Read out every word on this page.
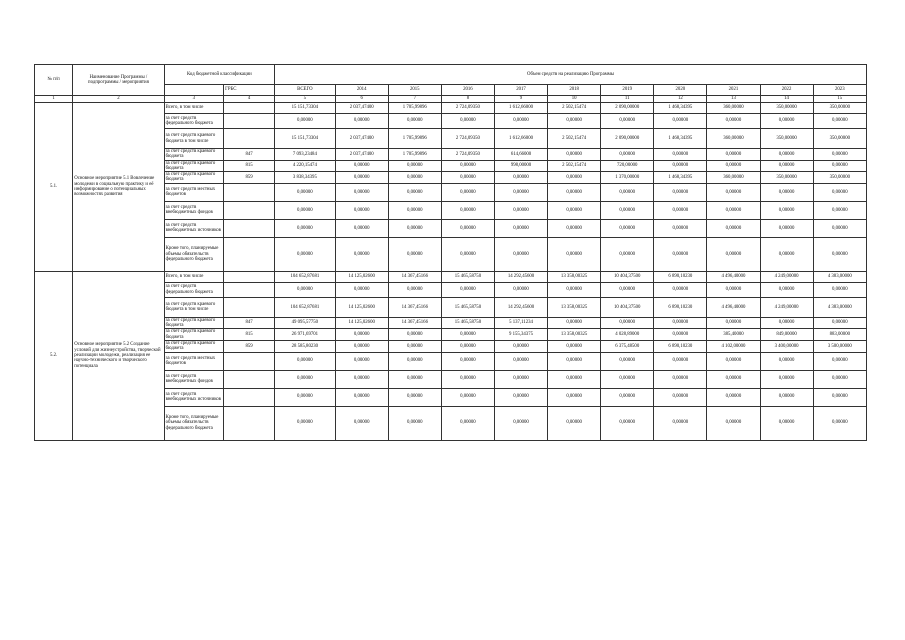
№ п/п	Наименование Программы / подпрограммы / мероприятия	Код бюджетной классификации		Объем средств на реализацию Программы										
			ГРБС	ВСЕГО	2014	2015	2016	2017	2018	2019	2020	2021	2022	2023
1	2	3	4	5	6	7	8	9	10	11	12	13	14	15
5.1.	Основное мероприятие 5.1 Вовлечение молодежи в социальную практику и её информирование о потенциальных возможностях развития	Всего, в том числе		15 151,73304	2 037,47400	1 705,99896	2 724,09350	1 612,66000	2 502,15474	2 090,00000	1 468,34395	360,00000	350,00000	350,00000
		за счет средств федерального бюджета		0,00000	0,00000	0,00000	0,00000	0,00000	0,00000	0,00000	0,00000	0,00000	0,00000	0,00000
		за счет средств краевого бюджета в том числе		15 151,73304	2 037,47400	1 705,99896	2 724,09350	1 612,66000	2 502,15474	2 090,00000	1 468,34395	360,00000	350,00000	350,00000
		за счет средств краевого бюджета	847	7 093,23484	2 037,47400	1 705,99896	2 724,09350	614,66000	0,00000	0,00000	0,00000	0,00000	0,00000	0,00000
		за счет средств краевого бюджета	815	4 220,15474	0,00000	0,00000	0,00000	998,00000	2 502,15474	720,00000	0,00000	0,00000	0,00000	0,00000
		за счет средств краевого бюджета	859	3 838,34395	0,00000	0,00000	0,00000	0,00000	0,00000	1 370,00000	1 468,34395	360,00000	350,00000	350,00000
		за счет средств местных бюджетов		0,00000	0,00000	0,00000	0,00000	0,00000	0,00000	0,00000	0,00000	0,00000	0,00000	0,00000
		за счет средств внебюджетных фондов		0,00000	0,00000	0,00000	0,00000	0,00000	0,00000	0,00000	0,00000	0,00000	0,00000	0,00000
		за счет средств внебюджетных источников		0,00000	0,00000	0,00000	0,00000	0,00000	0,00000	0,00000	0,00000	0,00000	0,00000	0,00000
		Кроме того, планируемые объемы обязательств федерального бюджета		0,00000	0,00000	0,00000	0,00000	0,00000	0,00000	0,00000	0,00000	0,00000	0,00000	0,00000
5.2.	Основное мероприятие 5.2 Создание условий для жизнеустройства, творческой реализации молодежи, реализация ее научно-технического и творческого потенциала	Всего, в том числе		104 652,87681	14 125,02600	14 367,45166	15 465,58750	14 292,45600	13 358,00325	10 404,37500	6 890,10230	4 496,40000	4 249,00000	4 383,00000
		за счет средств федерального бюджета		0,00000	0,00000	0,00000	0,00000	0,00000	0,00000	0,00000	0,00000	0,00000	0,00000	0,00000
		за счет средств краевого бюджета в том числе		104 652,87681	14 125,02600	14 367,45166	15 465,58750	14 292,45600	13 358,00325	10 404,37500	6 890,10230	4 496,40000	4 249,00000	4 383,00000
		за счет средств краевого бюджета	847	49 095,57750	14 125,02600	14 367,45166	15 465,58750	5 137,11234	0,00000	0,00000	0,00000	0,00000	0,00000	0,00000
		за счет средств краевого бюджета	815	26 971,69701	0,00000	0,00000	0,00000	9 155,34375	13 358,00325	4 028,89000	0,00000	385,40000	849,00000	883,00000
		за счет средств краевого бюджета	859	28 585,80230	0,00000	0,00000	0,00000	0,00000	0,00000	6 375,48500	6 890,10230	4 102,00000	3 400,00000	3 500,00000
		за счет средств местных бюджетов		0,00000	0,00000	0,00000	0,00000	0,00000	0,00000	0,00000	0,00000	0,00000	0,00000	0,00000
		за счет средств внебюджетных фондов		0,00000	0,00000	0,00000	0,00000	0,00000	0,00000	0,00000	0,00000	0,00000	0,00000	0,00000
		за счет средств внебюджетных источников		0,00000	0,00000	0,00000	0,00000	0,00000	0,00000	0,00000	0,00000	0,00000	0,00000	0,00000
		Кроме того, планируемые объемы обязательств федерального бюджета		0,00000	0,00000	0,00000	0,00000	0,00000	0,00000	0,00000	0,00000	0,00000	0,00000	0,00000
